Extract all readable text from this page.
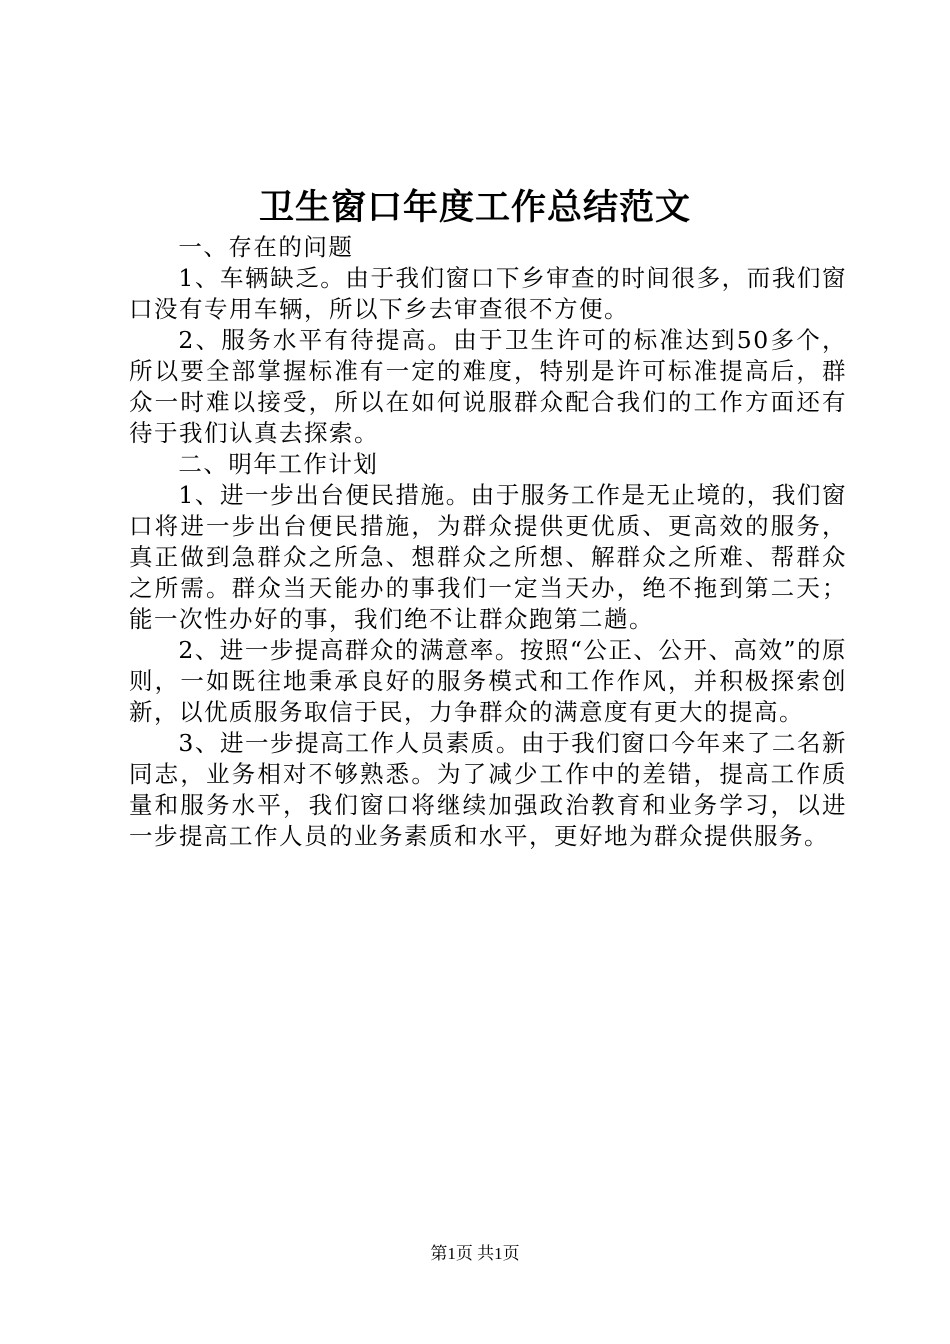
卫生窗口年度工作总结范文

一、存在的问题

1、车辆缺乏。由于我们窗口下乡审查的时间很多，而我们窗口没有专用车辆，所以下乡去审查很不方便。

2、服务水平有待提高。由于卫生许可的标准达到50多个，所以要全部掌握标准有一定的难度，特别是许可标准提高后，群众一时难以接受，所以在如何说服群众配合我们的工作方面还有待于我们认真去探索。

二、明年工作计划

1、进一步出台便民措施。由于服务工作是无止境的，我们窗口将进一步出台便民措施，为群众提供更优质、更高效的服务，真正做到急群众之所急、想群众之所想、解群众之所难、帮群众之所需。群众当天能办的事我们一定当天办，绝不拖到第二天；能一次性办好的事，我们绝不让群众跑第二趟。

2、进一步提高群众的满意率。按照“公正、公开、高效”的原则，一如既往地秉承良好的服务模式和工作作风，并积极探索创新，以优质服务取信于民，力争群众的满意度有更大的提高。

3、进一步提高工作人员素质。由于我们窗口今年来了二名新同志，业务相对不够熟悉。为了减少工作中的差错，提高工作质量和服务水平，我们窗口将继续加强政治教育和业务学习，以进一步提高工作人员的业务素质和水平，更好地为群众提供服务。

第1页 共1页
